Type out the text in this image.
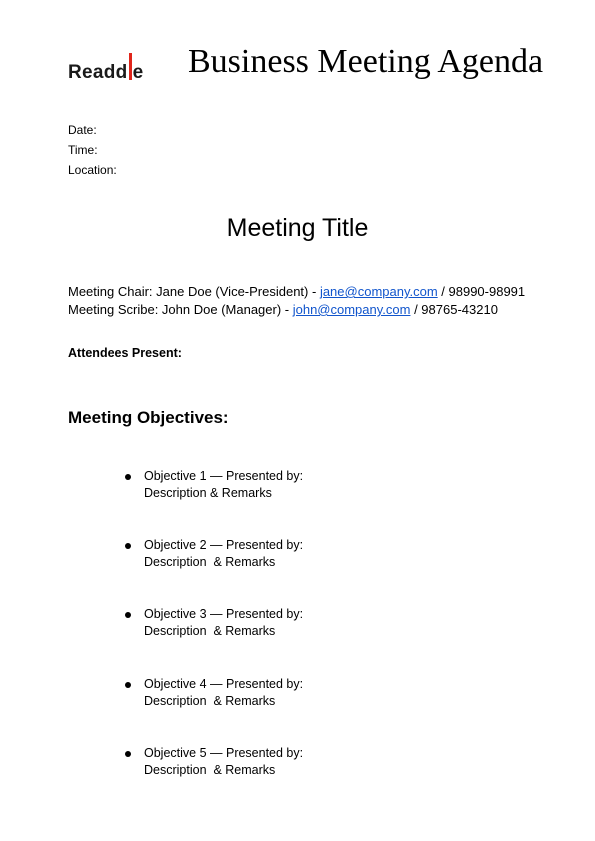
Readd e Business Meeting Agenda
Date:
Time:
Location:
Meeting Title
Meeting Chair: Jane Doe (Vice-President) - jane@company.com / 98990-98991
Meeting Scribe: John Doe (Manager) - john@company.com / 98765-43210
Attendees Present:
Meeting Objectives:
Objective 1 — Presented by:
Description & Remarks
Objective 2 — Presented by:
Description  & Remarks
Objective 3 — Presented by:
Description  & Remarks
Objective 4 — Presented by:
Description  & Remarks
Objective 5 — Presented by:
Description  & Remarks
